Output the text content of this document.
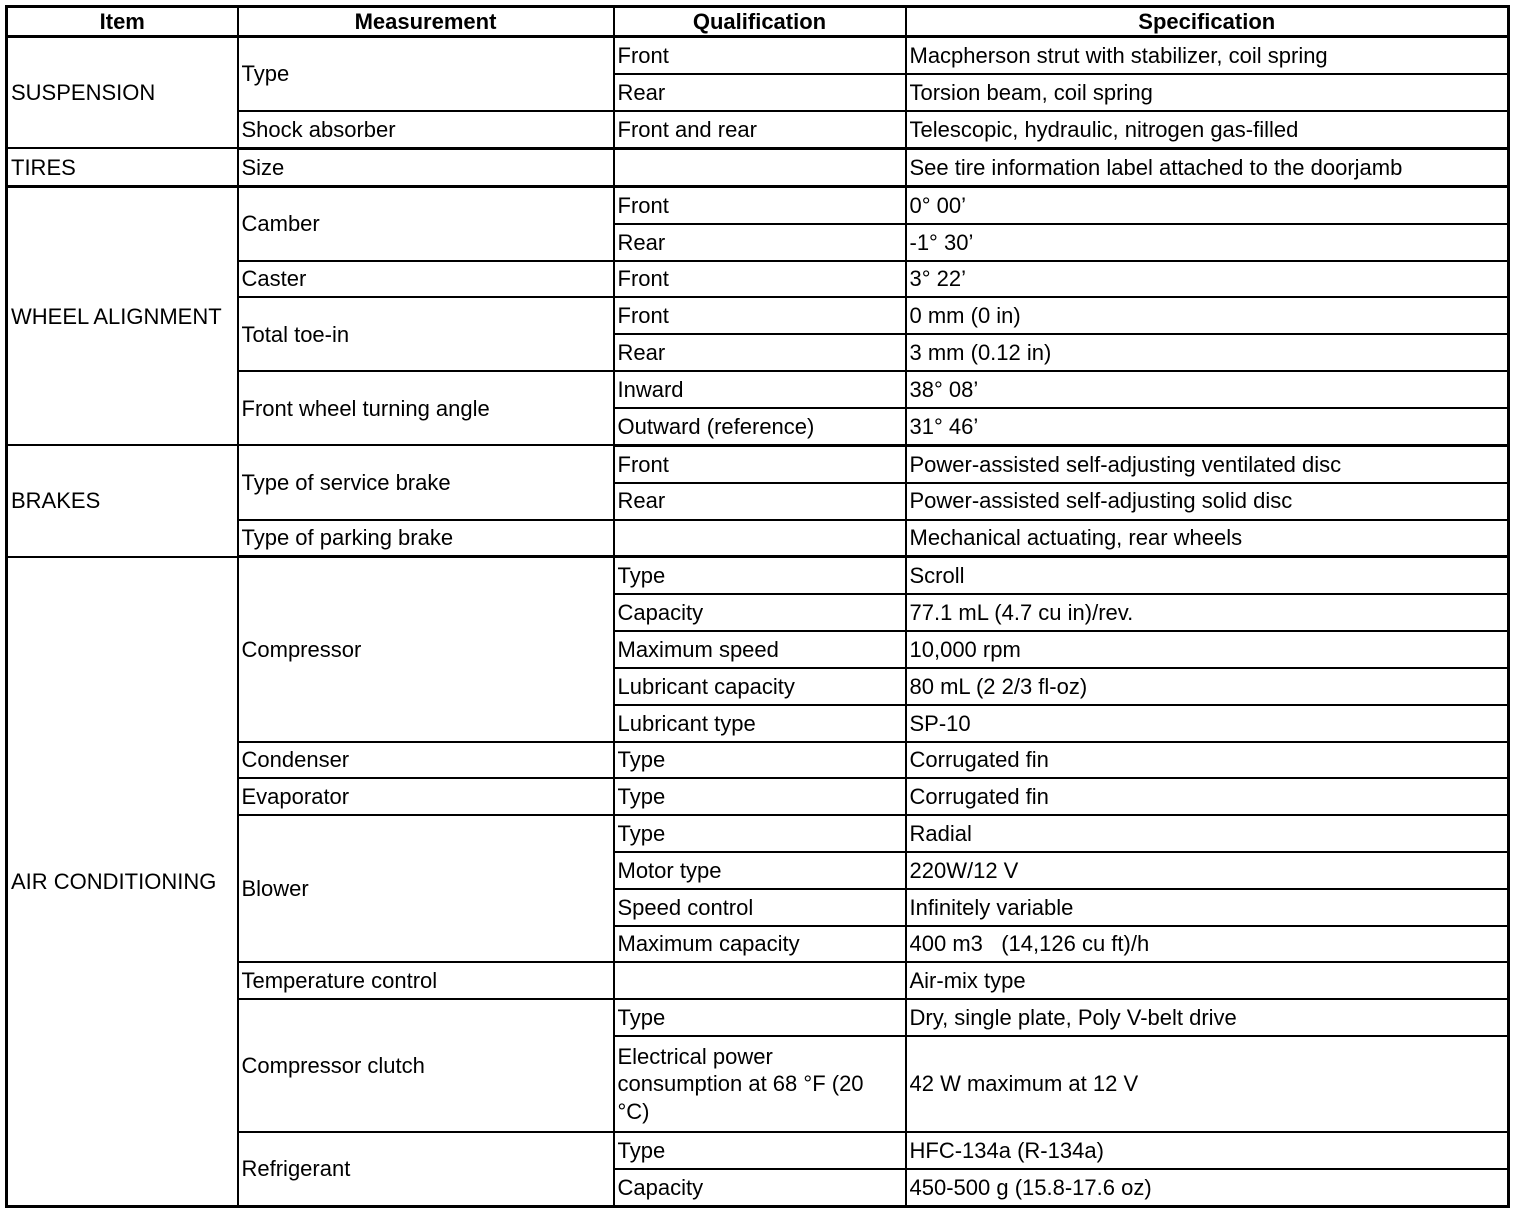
Item	Measurement	Qualification	Specification
SUSPENSION	Type	Front	Macpherson strut with stabilizer, coil spring
		Rear	Torsion beam, coil spring
	Shock absorber	Front and rear	Telescopic, hydraulic, nitrogen gas-filled
TIRES	Size		See tire information label attached to the doorjamb
WHEEL ALIGNMENT	Camber	Front	0° 00’
		Rear	-1° 30’
	Caster	Front	3° 22’
	Total toe-in	Front	0 mm (0 in)
		Rear	3 mm (0.12 in)
	Front wheel turning angle	Inward	38° 08’
		Outward (reference)	31° 46’
BRAKES	Type of service brake	Front	Power-assisted self-adjusting ventilated disc
		Rear	Power-assisted self-adjusting solid disc
	Type of parking brake		Mechanical actuating, rear wheels
AIR CONDITIONING	Compressor	Type	Scroll
		Capacity	77.1 mL (4.7 cu in)/rev.
		Maximum speed	10,000 rpm
		Lubricant capacity	80 mL (2 2/3 fl-oz)
		Lubricant type	SP-10
	Condenser	Type	Corrugated fin
	Evaporator	Type	Corrugated fin
	Blower	Type	Radial
		Motor type	220W/12 V
		Speed control	Infinitely variable
		Maximum capacity	400 m3   (14,126 cu ft)/h
	Temperature control		Air-mix type
	Compressor clutch	Type	Dry, single plate, Poly V-belt drive
		Electrical power consumption at 68 °F (20 °C)	42 W maximum at 12 V
	Refrigerant	Type	HFC-134a (R-134a)
		Capacity	450-500 g (15.8-17.6 oz)
